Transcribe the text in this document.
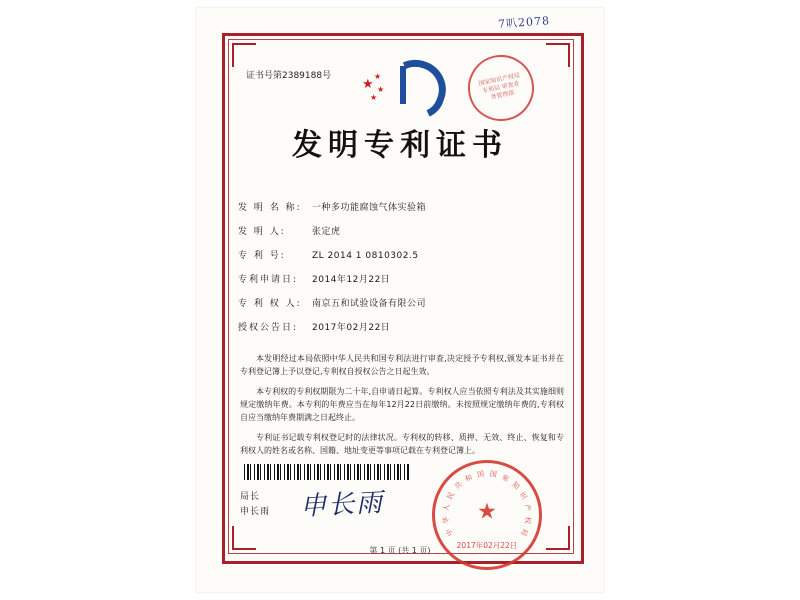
7叭2078
证书号第2389188号
★
★
★
★
国家知识产权局 专利局 审查业务管理部
发明专利证书
发 明 名 称:	一种多功能腐蚀气体实验箱
发 明 人:	张定虎
专 利 号:	ZL 2014 1 0810302.5
专利申请日:	2014年12月22日
专 利 权 人:	南京五和试验设备有限公司
授权公告日:	2017年02月22日

本发明经过本局依照中华人民共和国专利法进行审查,决定授予专利权,颁发本证书并在专利登记簿上予以登记,专利权自授权公告之日起生效。

本专利权的专利权期限为二十年,自申请日起算。专利权人应当依照专利法及其实施细则规定缴纳年费。本专利的年费应当在每年12月22日前缴纳。未按照规定缴纳年费的,专利权自应当缴纳年费期满之日起终止。

专利证书记载专利权登记时的法律状况。专利权的转移、质押、无效、终止、恢复和专利权人的姓名或名称、国籍、地址变更等事项记载在专利登记簿上。

中
华
人
民
共
和 国 国 家
知
识
产
权
局
★
2017年02月22日
局长
申长雨 申长雨
第 1 页 (共 1 页)
